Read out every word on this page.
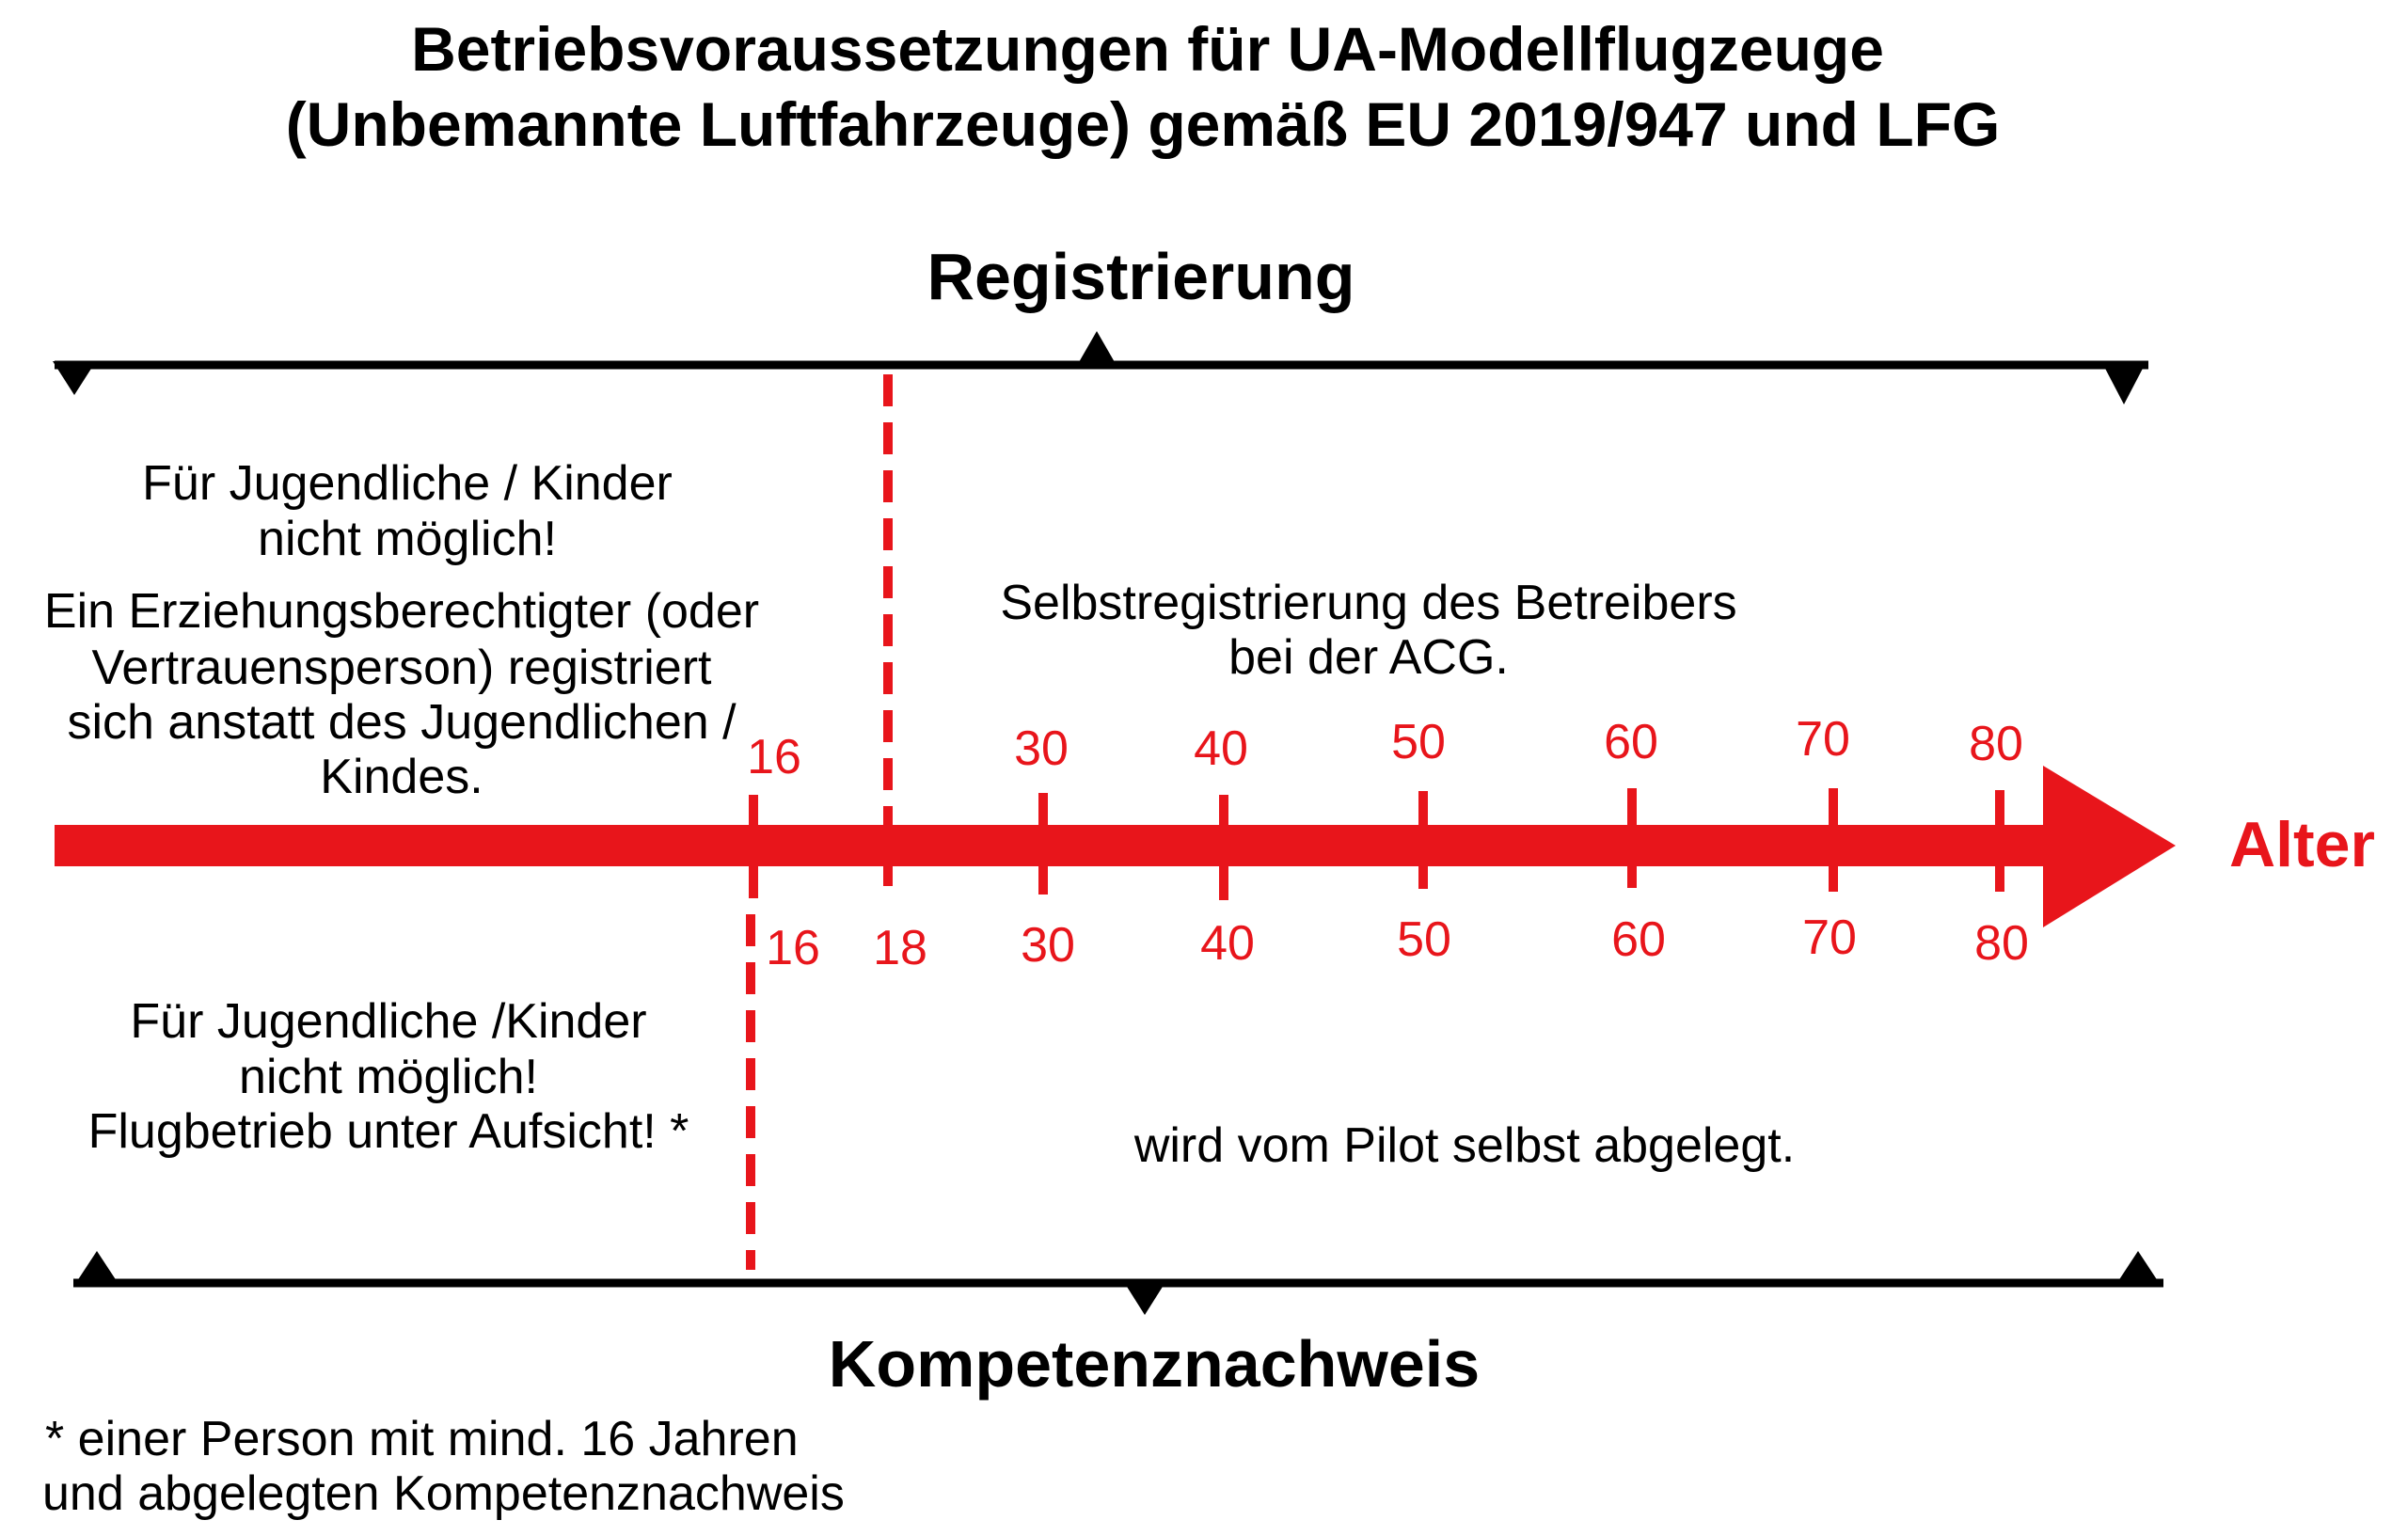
Betriebsvoraussetzungen für UA-Modellflugzeuge
(Unbemannte Luftfahrzeuge) gemäß EU 2019/947 und LFG
Registrierung
Für Jugendliche / Kinder
nicht möglich!
Ein Erziehungsberechtigter (oder
Vertrauensperson) registriert
sich anstatt des Jugendlichen /
Kindes.
Selbstregistrierung des Betreibers
bei der ACG.
Alter
16	30	40	50	60	70 80
16 18 30	40	50	60	70 80
Für Jugendliche /Kinder
nicht möglich!
Flugbetrieb unter Aufsicht! *	wird vom Pilot selbst abgelegt.
Kompetenznachweis
* einer Person mit mind. 16 Jahren
und abgelegten Kompetenznachweis
